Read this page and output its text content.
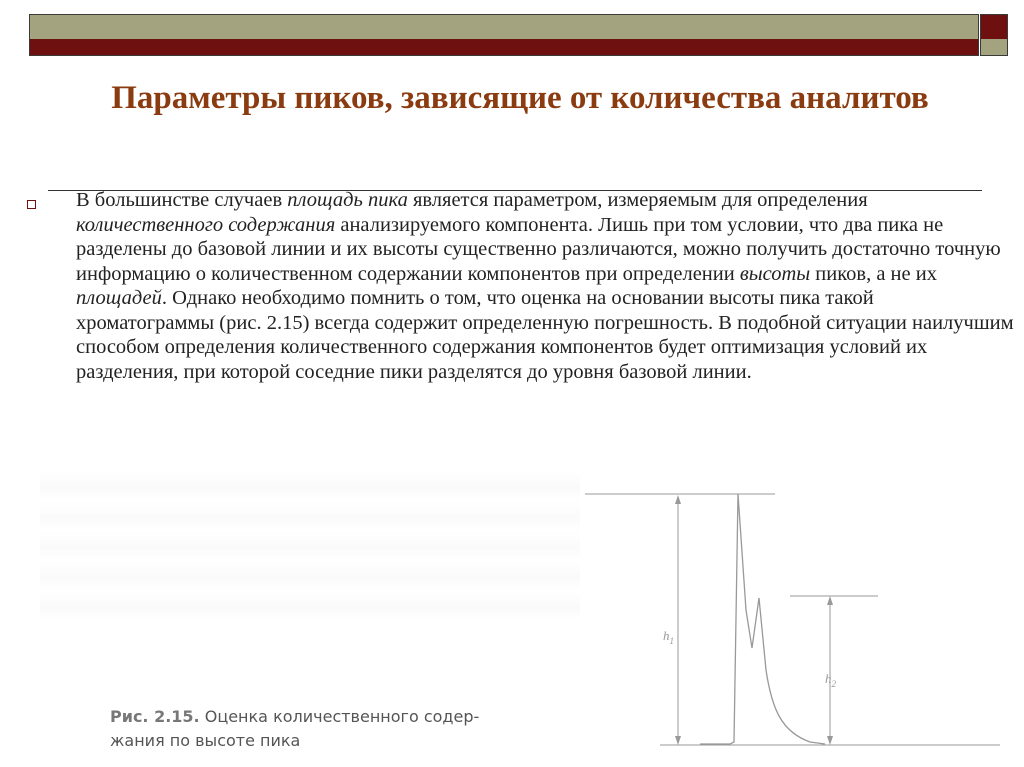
Параметры пиков, зависящие от количества аналитов

В большинстве случаев площадь пика является параметром, измеряемым для определения количественного содержания анализируемого компонента. Лишь при том условии, что два пика не разделены до базовой линии и их высоты существенно различаются, можно получить достаточно точную информацию о количественном содержании компонентов при определении высоты пиков, а не их площадей. Однако необходимо помнить о том, что оценка на основании высоты пика такой хроматограммы (рис. 2.15) всегда содержит определенную погрешность. В подобной ситуации наилучшим способом определения количественного содержания компонентов будет оптимизация условий их разделения, при которой соседние пики разделятся до уровня базовой линии.

Рис. 2.15. Оценка количественного содер-
жания по высоте пика

$h_1$
$h_2$
